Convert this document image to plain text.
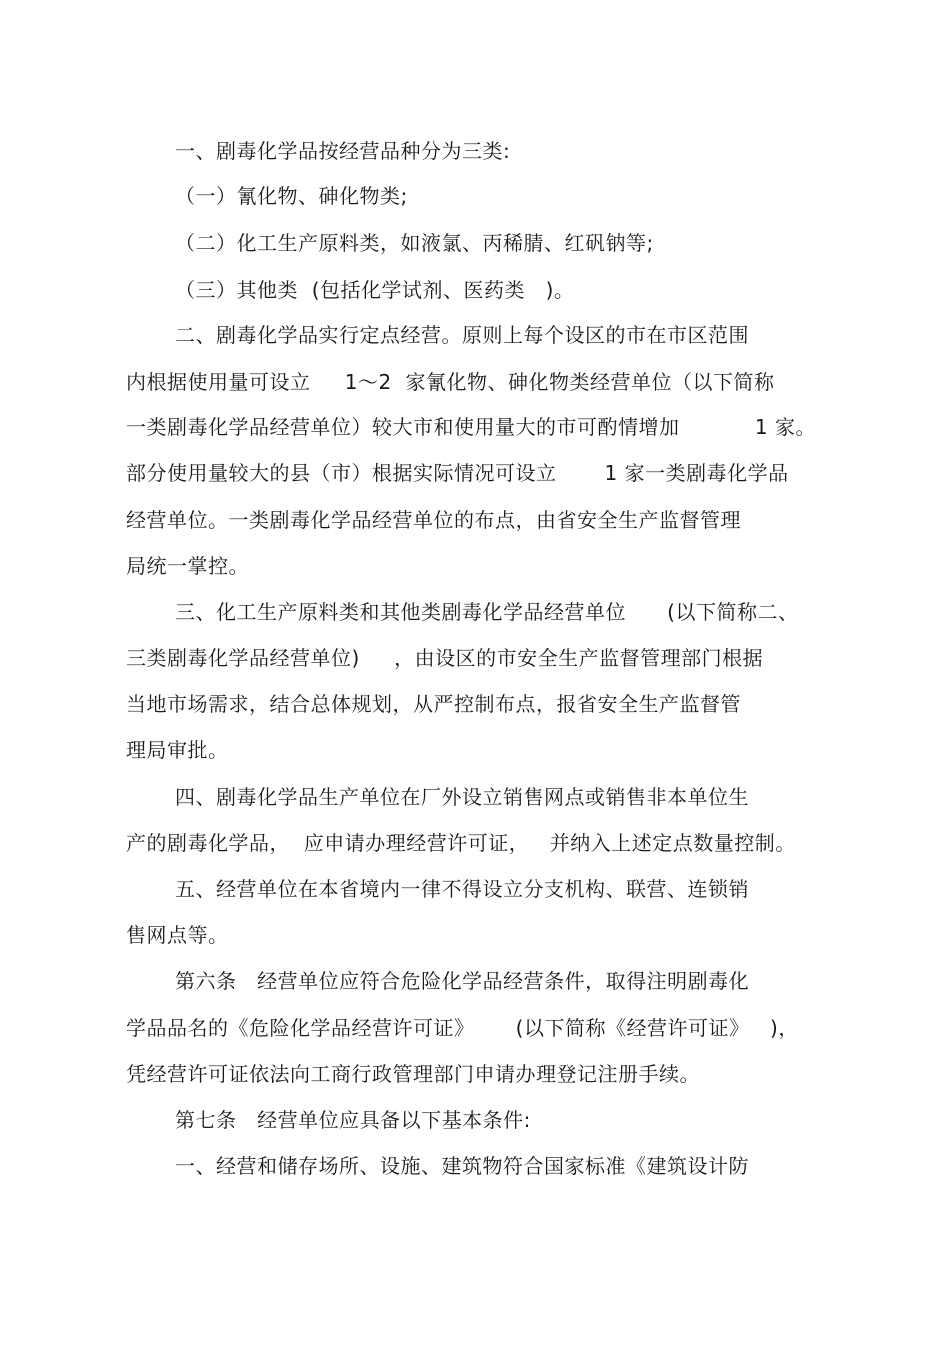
一、剧毒化学品按经营品种分为三类:
（一）氰化物、砷化物类;
（二）化工生产原料类，如液氯、丙稀腈、红矾钠等;
（三）其他类  (包括化学试剂、医药类   )。
二、剧毒化学品实行定点经营。原则上每个设区的市在市区范围
内根据使用量可设立     1～2  家氰化物、砷化物类经营单位（以下简称
一类剧毒化学品经营单位）较大市和使用量大的市可酌情增加           1 家。
部分使用量较大的县（市）根据实际情况可设立       1 家一类剧毒化学品
经营单位。一类剧毒化学品经营单位的布点，由省安全生产监督管理
局统一掌控。
三、化工生产原料类和其他类剧毒化学品经营单位      (以下简称二、
三类剧毒化学品经营单位)     ，由设区的市安全生产监督管理部门根据
当地市场需求，结合总体规划，从严控制布点，报省安全生产监督管
理局审批。
四、剧毒化学品生产单位在厂外设立销售网点或销售非本单位生
产的剧毒化学品，  应申请办理经营许可证，   并纳入上述定点数量控制。
五、经营单位在本省境内一律不得设立分支机构、联营、连锁销
售网点等。
第六条   经营单位应符合危险化学品经营条件，取得注明剧毒化
学品品名的《危险化学品经营许可证》      (以下简称《经营许可证》   )，
凭经营许可证依法向工商行政管理部门申请办理登记注册手续。
第七条   经营单位应具备以下基本条件:
一、经营和储存场所、设施、建筑物符合国家标准《建筑设计防
